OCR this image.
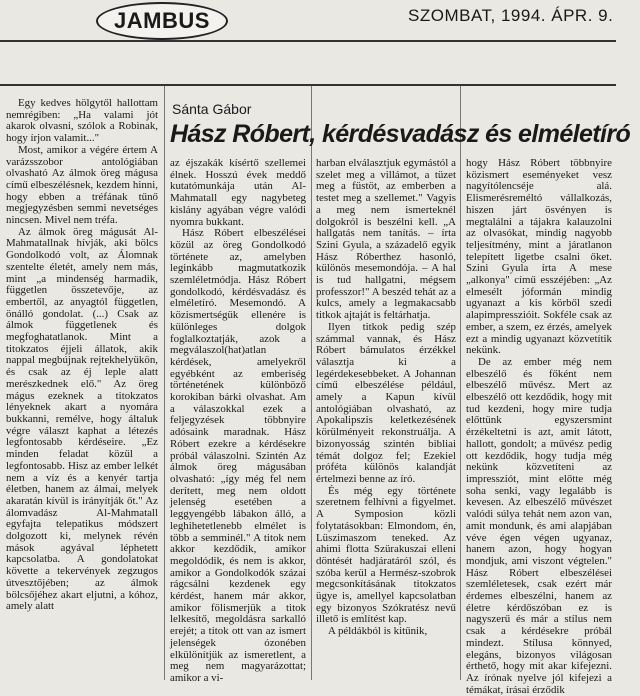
JAMBUS	SZOMBAT, 1994. ÁPR. 9.
Sánta Gábor
Hász Róbert, kérdésvadász és elméletíró

Egy kedves hölgytől hallottam nemrégiben: „Ha valami jót akarok olvasni, szólok a Robinak, hogy írjon valamit..."

Most, amikor a végére értem A varázsszobor antológiában olvasható Az álmok öreg mágusa című elbeszélésnek, kezdem hinni, hogy ebben a tréfának tűnő megjegyzésben semmi nevetséges nincsen. Mivel nem tréfa.

Az álmok öreg mágusát Al-Mahmatallnak hívják, aki bölcs Gondolkodó volt, az Álomnak szentelte életét, amely nem más, mint „a mindenség harmadik, független összetevője, az embertől, az anyagtól független, önálló gondolat. (...) Csak az álmok függetlenek és megfoghatatlanok. Mint a titokzatos éjjeli állatok, akik nappal megbújnak rejtekhelyükön, és csak az éj leple alatt merészkednek elő." Az öreg mágus ezeknek a titokzatos lényeknek akart a nyomára bukkanni, remélve, hogy általuk végre választ kaphat a létezés legfontosabb kérdéseire. „Ez minden feladat közül a legfontosabb. Hisz az ember lelkét nem a víz és a kenyér tartja életben, hanem az álmai, melyek akaratán kívül is irányítják őt." Az álomvadász Al-Mahmatall egyfajta telepatikus módszert dolgozott ki, melynek révén mások agyával léphetett kapcsolatba. A gondolatokat követte a tekervények zegzugos útvesztőjében; az álmok bölcsőjéhez akart eljutni, a kóhoz, amely alatt

az éjszakák kísértő szellemei élnek. Hosszú évek meddő kutatómunkája után Al-Mahmatall egy nagybeteg kislány agyában végre valódi nyomra bukkant.

Hász Róbert elbeszélései közül az öreg Gondolkodó története az, amelyben leginkább magmutatkozik szemléletmódja. Hász Róbert gondolkodó, kérdésvadász és elméletíró. Mesemondó. A közismertségük ellenére is különleges dolgok foglalkoztatják, azok a megválaszol(hat)atlan kérdések, amelyekről egyébként az emberiség történetének különböző korokiban bárki olvashat. Am a válaszokkal ezek a feljegyzések többnyire adósaink maradnak. Hász Róbert ezekre a kérdésekre próbál válaszolni. Szintén Az álmok öreg mágusában olvasható: „így még fel nem derített, meg nem oldott jelenség esetében a leggyengébb lábakon álló, a leghihetetlenebb elmélet is több a semminél." A titok nem akkor kezdődik, amikor megoldódik, és nem is akkor, amikor a Gondolkodók százai rágcsálni kezdenek egy kérdést, hanem már akkor, amikor fölismerjük a titok lelkesítő, megoldásra sarkalló erejét; a titok ott van az ismert jelenségek ózonében elkülönítjük az ismeretlent, a meg nem magyarázottat; amikor a vi-

harban elválasztjuk egymástól a szelet meg a villámot, a tüzet meg a füstöt, az emberben a testet meg a szellemet." Vagyis a meg nem ismerteknél dolgokról is beszélni kell. „A hallgatás nem tanítás. – írta Szini Gyula, a századelő egyik Hász Róberthez hasonló, különös mesemondója. – A hal is tud hallgatni, mégsem professzor!" A beszéd tehát az a kulcs, amely a legmakacsabb titkok ajtaját is feltárhatja.

Ilyen titkok pedig szép számmal vannak, és Hász Róbert bámulatos érzékkel választja ki a legérdekesebbeket. A Johannan című elbeszélése például, amely a Kapun kívül antológiában olvasható, az Apokalipszis keletkezésének körülményeit rekonstruálja. A bizonyosság szintén bibliai témát dolgoz fel; Ezekiel próféta különös kalandját értelmezi benne az író.

És még egy története szeretnem felhívni a figyelmet. A Symposion közli folytatásokban: Elmondom, én, Lüszimaszom teneked. Az ahimi flotta Szürakuszai elleni döntését hadjáratáról szól, és szóba kerül a Hermész-szobrok megcsonkításának titokzatos ügye is, amellyel kapcsolatban egy bizonyos Szókratész nevű illető is említést kap.

A példákból is kitűnik,

hogy Hász Róbert többnyire közismert eseményeket vesz nagyítólencséje alá. Elismerésreméltó vállalkozás, hiszen járt ösvényen is megtalálni a tájakra kalauzolni az olvasókat, mindig nagyobb teljesítmény, mint a járatlanon telepített ligetbe csalni őket. Szini Gyula írta A mese „alkonya" című esszéjében: „Az elmesélt jóformán mindig ugyanazt a kis körből szedi alapimpresszióit. Sokféle csak az ember, a szem, ez érzés, amelyek ezt a mindig ugyanazt közvetítik nekünk.

De az ember még nem elbeszélő és főként nem elbeszélő művész. Mert az elbeszélő ott kezdődik, hogy mit tud kezdeni, hogy mire tudja előttünk egyszersmint érzékeltetni is azt, amit látott, hallott, gondolt; a művész pedig ott kezdődik, hogy tudja még nekünk közvetíteni az impressziót, mint előtte még soha senki, vagy legalább is kevesen. Az elbeszélő művészet valódi súlya tehát nem azon van, amit mondunk, és ami alapjában véve égen végen ugyanaz, hanem azon, hogy hogyan mondjuk, ami viszont végtelen." Hász Róbert elbeszélései szemléletesek, csak ezért már érdemes elbeszélni, hanem az életre kérdőszóban ez is nagyszerű és már a stílus nem csak a kérdésekre próbál mindezt. Stílusa könnyed, elegáns, bizonyos világosan érthető, hogy mit akar kifejezni. Az írónak nyelve jól kifejezi a témákat, írásai érződik
